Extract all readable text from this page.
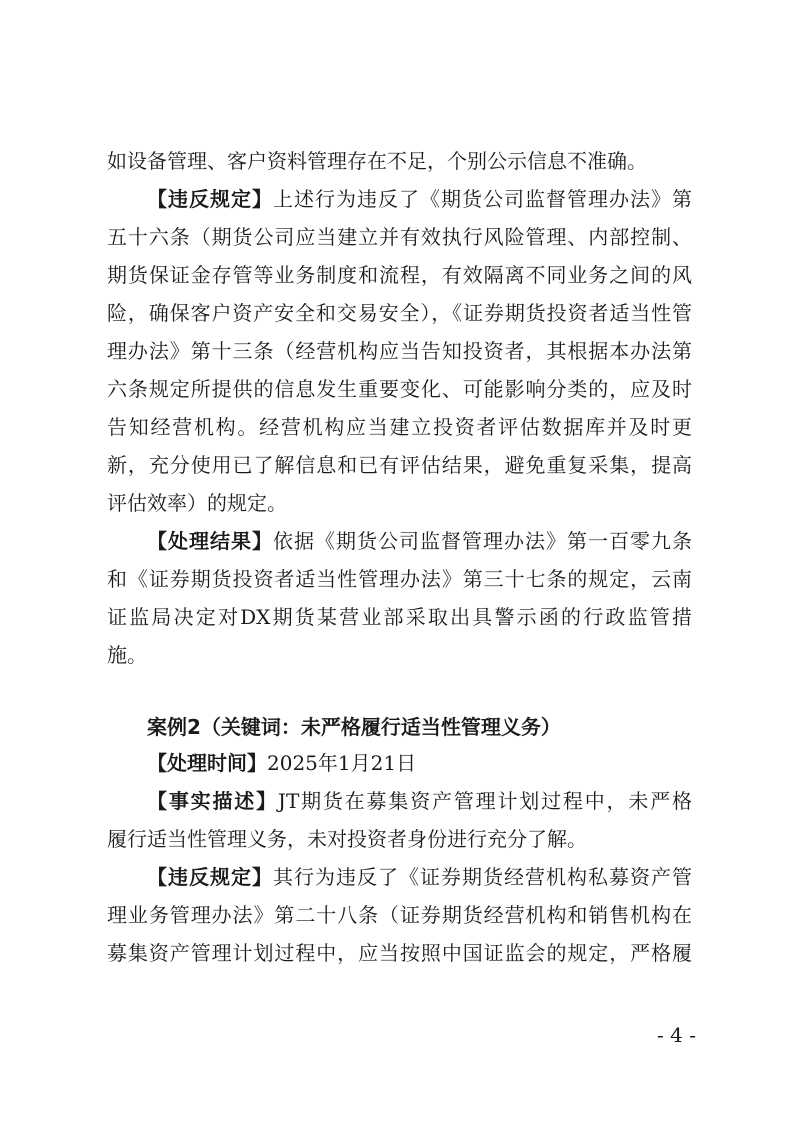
如设备管理、客户资料管理存在不足，个别公示信息不准确。
【违反规定】上述行为违反了《期货公司监督管理办法》第
五十六条（期货公司应当建立并有效执行风险管理、内部控制、
期货保证金存管等业务制度和流程，有效隔离不同业务之间的风
险，确保客户资产安全和交易安全），《证券期货投资者适当性管
理办法》第十三条（经营机构应当告知投资者，其根据本办法第
六条规定所提供的信息发生重要变化、可能影响分类的，应及时
告知经营机构。经营机构应当建立投资者评估数据库并及时更
新，充分使用已了解信息和已有评估结果，避免重复采集，提高
评估效率）的规定。
【处理结果】依据《期货公司监督管理办法》第一百零九条
和《证券期货投资者适当性管理办法》第三十七条的规定，云南
证监局决定对DX期货某营业部采取出具警示函的行政监管措
施。
案例2（关键词：未严格履行适当性管理义务）
【处理时间】2025年1月21日
【事实描述】JT期货在募集资产管理计划过程中，未严格
履行适当性管理义务，未对投资者身份进行充分了解。
【违反规定】其行为违反了《证券期货经营机构私募资产管
理业务管理办法》第二十八条（证券期货经营机构和销售机构在
募集资产管理计划过程中，应当按照中国证监会的规定，严格履
- 4 -
